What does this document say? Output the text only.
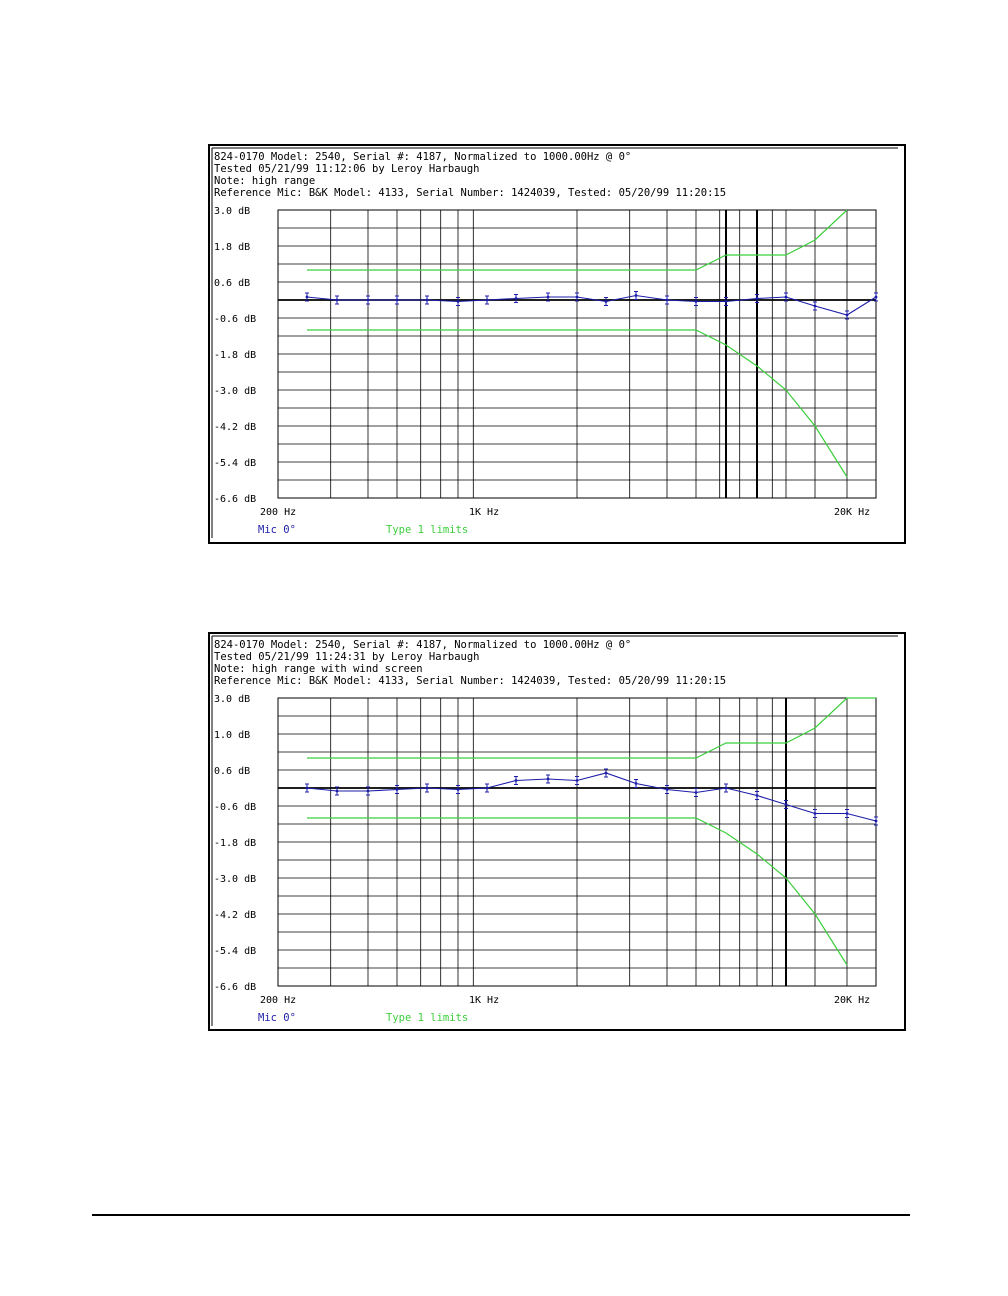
824-0170 Model: 2540, Serial #: 4187, Normalized to 1000.00Hz @ 0°
Tested 05/21/99 11:12:06 by Leroy Harbaugh
Note: high range
Reference Mic: B&K Model: 4133, Serial Number: 1424039, Tested: 05/20/99 11:20:15
3.0 dB
1.8 dB
0.6 dB
-0.6 dB
-1.8 dB
-3.0 dB
-4.2 dB
-5.4 dB
-6.6 dB
200 Hz	1K Hz	20K Hz
Mic 0°	Type 1 limits
824-0170 Model: 2540, Serial #: 4187, Normalized to 1000.00Hz @ 0°
Tested 05/21/99 11:24:31 by Leroy Harbaugh
Note: high range with wind screen
Reference Mic: B&K Model: 4133, Serial Number: 1424039, Tested: 05/20/99 11:20:15
3.0 dB
1.0 dB
0.6 dB
-0.6 dB
-1.8 dB
-3.0 dB
-4.2 dB
-5.4 dB
-6.6 dB
200 Hz	1K Hz	20K Hz
Mic 0°	Type 1 limits
